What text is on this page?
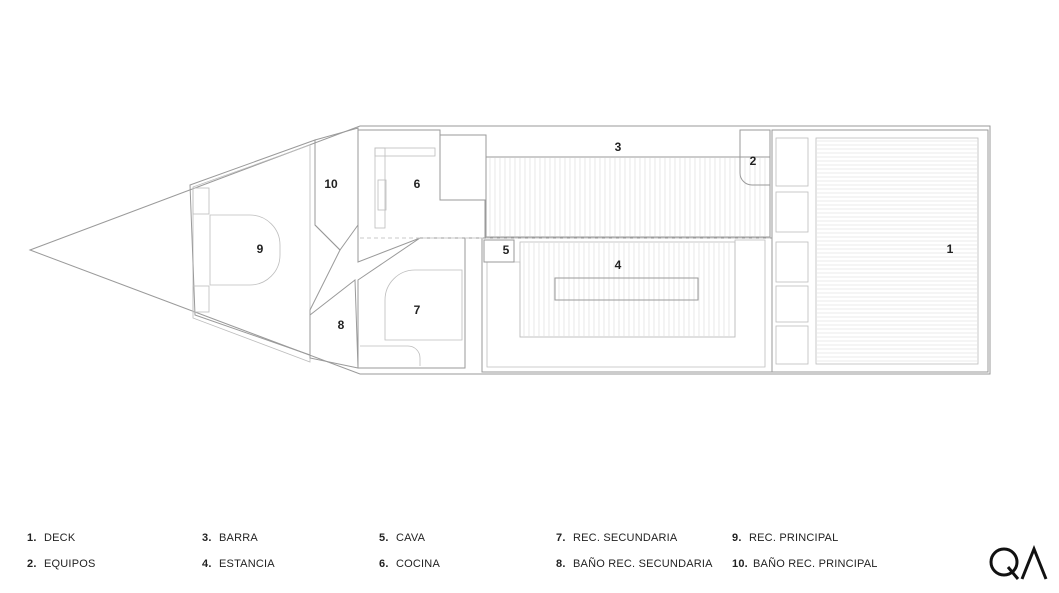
1
2
3
4
5
6
7
8
9
10
1. DECK
2. EQUIPOS
3. BARRA
4. ESTANCIA
5. CAVA
6. COCINA
7. REC. SECUNDARIA
8. BAÑO REC. SECUNDARIA
9. REC. PRINCIPAL
10. BAÑO REC. PRINCIPAL
